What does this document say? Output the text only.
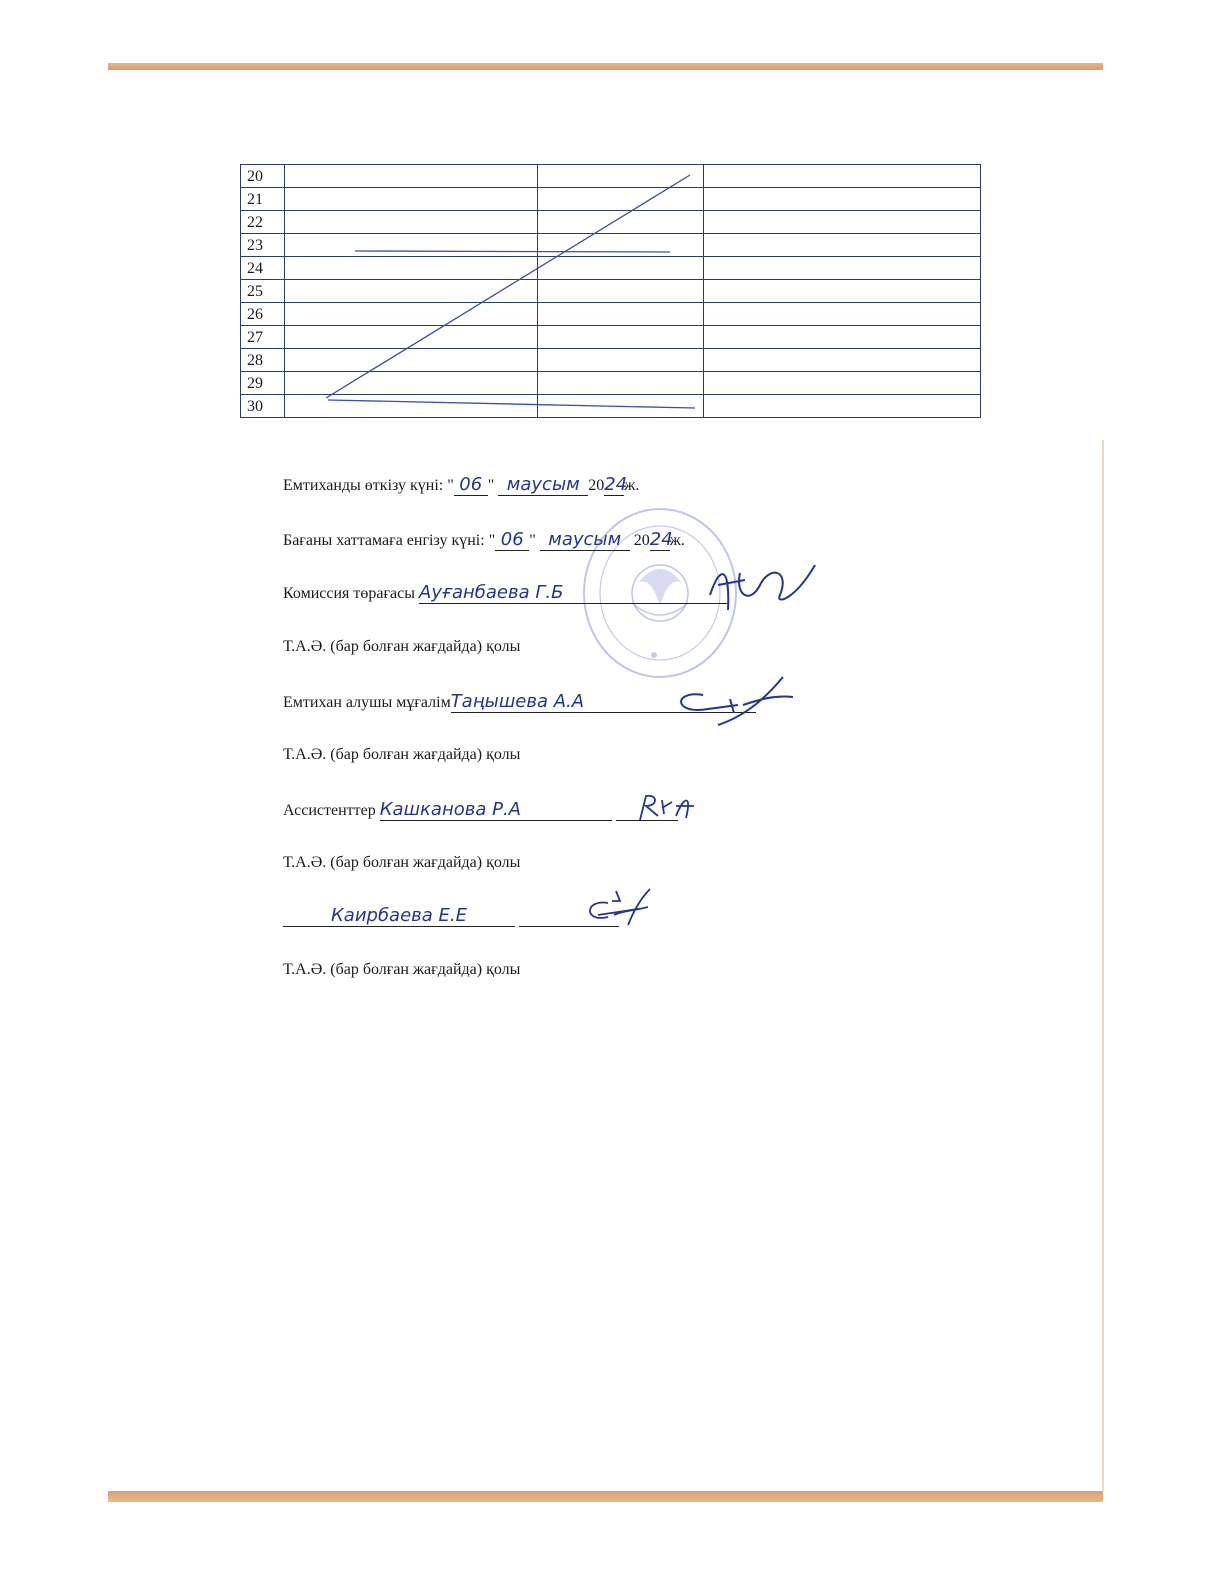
20			
21			
22			
23			
24			
25			
26			
27			
28			
29			
30			
Емтиханды өткізу күні: " 06 " маусым 2024ж.
Бағаны хаттамаға енгізу күні: " 06 " маусым 2024ж.
Комиссия төрағасы Ауғанбаева Г.Б
Т.А.Ә. (бар болған жағдайда) қолы
Емтихан алушы мұғалімТаңышева А.А
Т.А.Ә. (бар болған жағдайда) қолы
Ассистенттер Кашканова Р.А
Т.А.Ә. (бар болған жағдайда) қолы
Каирбаева Е.Е
Т.А.Ә. (бар болған жағдайда) қолы
